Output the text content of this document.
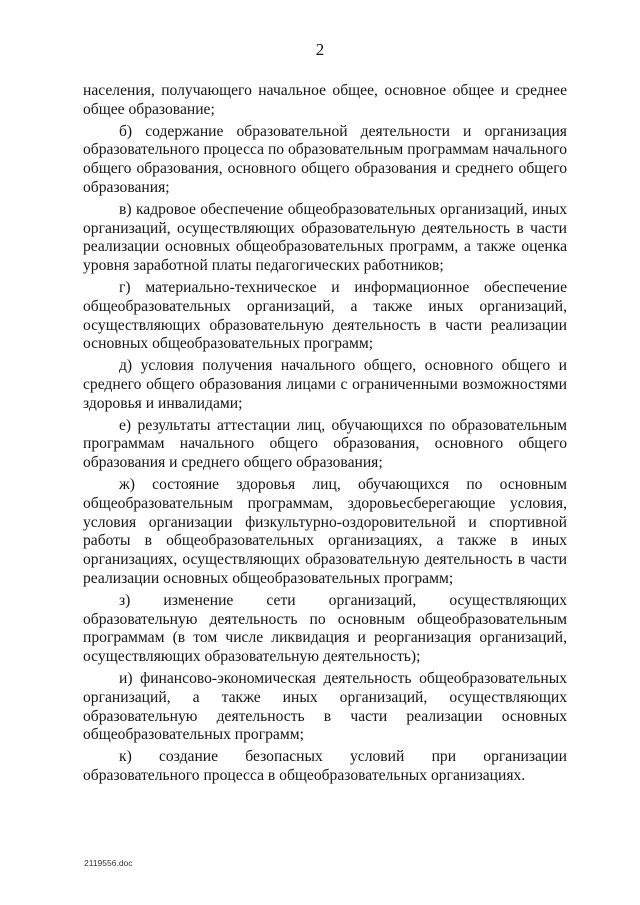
2

населения, получающего начальное общее, основное общее и среднее общее образование;

б) содержание образовательной деятельности и организация образовательного процесса по образовательным программам начального общего образования, основного общего образования и среднего общего образования;

в) кадровое обеспечение общеобразовательных организаций, иных организаций, осуществляющих образовательную деятельность в части реализации основных общеобразовательных программ, а также оценка уровня заработной платы педагогических работников;

г) материально-техническое и информационное обеспечение общеобразовательных организаций, а также иных организаций, осуществляющих образовательную деятельность в части реализации основных общеобразовательных программ;

д) условия получения начального общего, основного общего и среднего общего образования лицами с ограниченными возможностями здоровья и инвалидами;

е) результаты аттестации лиц, обучающихся по образовательным программам начального общего образования, основного общего образования и среднего общего образования;

ж) состояние здоровья лиц, обучающихся по основным общеобразовательным программам, здоровьесберегающие условия, условия организации физкультурно-оздоровительной и спортивной работы в общеобразовательных организациях, а также в иных организациях, осуществляющих образовательную деятельность в части реализации основных общеобразовательных программ;

з) изменение сети организаций, осуществляющих образовательную деятельность по основным общеобразовательным программам (в том числе ликвидация и реорганизация организаций, осуществляющих образовательную деятельность);

и) финансово-экономическая деятельность общеобразовательных организаций, а также иных организаций, осуществляющих образовательную деятельность в части реализации основных общеобразовательных программ;

к) создание безопасных условий при организации образовательного процесса в общеобразовательных организациях.

2119556.doc
